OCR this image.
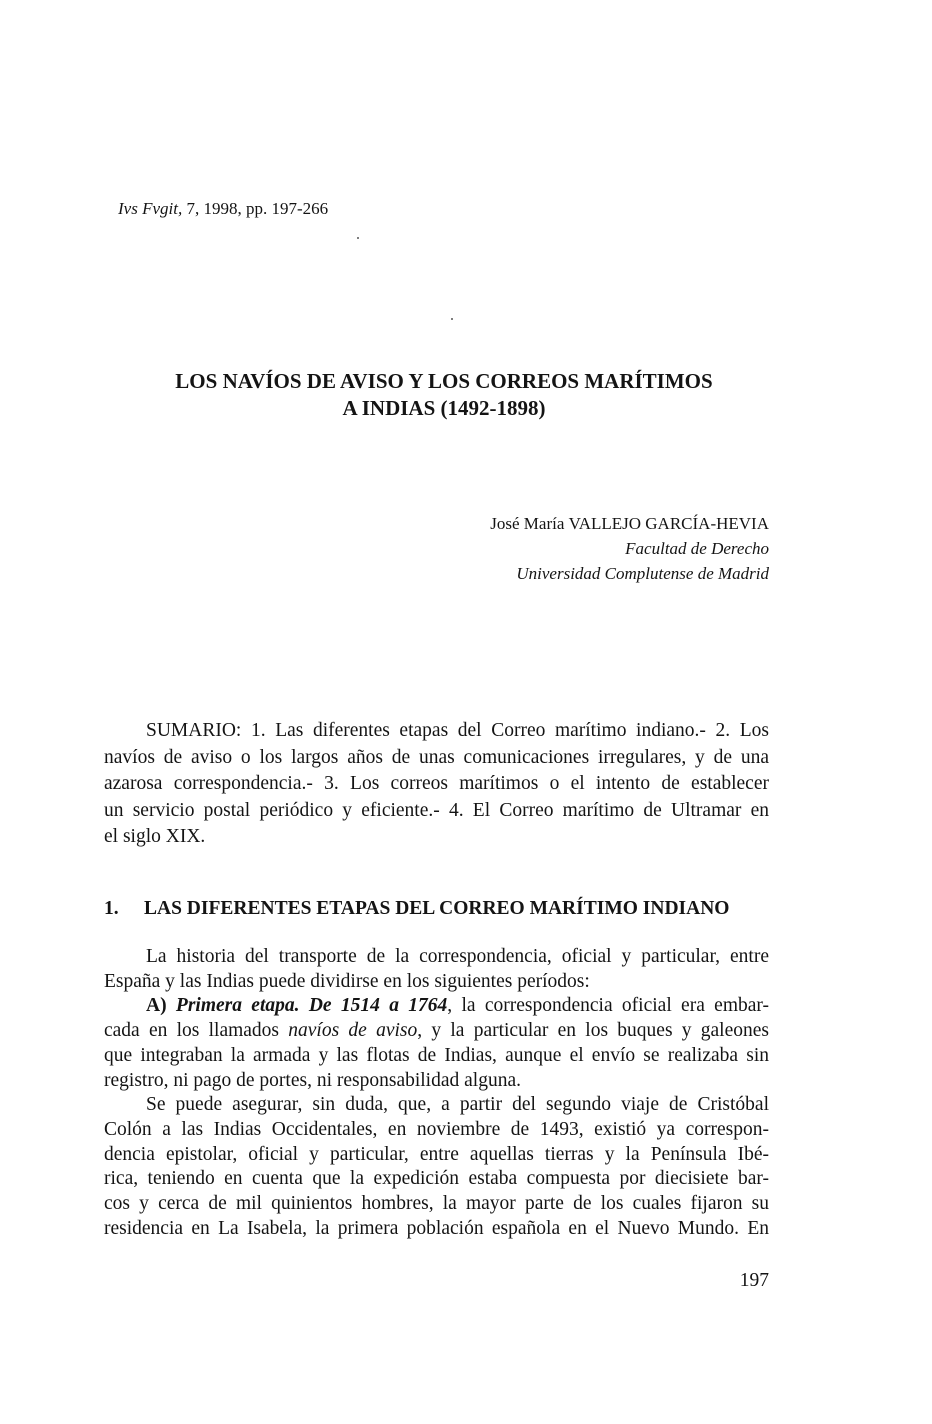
Ivs Fvgit, 7, 1998, pp. 197-266
LOS NAVÍOS DE AVISO Y LOS CORREOS MARÍTIMOS
A INDIAS (1492-1898)
José María VALLEJO GARCÍA-HEVIA
Facultad de Derecho
Universidad Complutense de Madrid
SUMARIO: 1. Las diferentes etapas del Correo marítimo indiano.- 2. Los
navíos de aviso o los largos años de unas comunicaciones irregulares, y de una
azarosa correspondencia.- 3. Los correos marítimos o el intento de establecer
un servicio postal periódico y eficiente.- 4. El Correo marítimo de Ultramar en
el siglo XIX.
1. LAS DIFERENTES ETAPAS DEL CORREO MARÍTIMO INDIANO
La historia del transporte de la correspondencia, oficial y particular, entre
España y las Indias puede dividirse en los siguientes períodos:
A) Primera etapa. De 1514 a 1764, la correspondencia oficial era embar-
cada en los llamados navíos de aviso, y la particular en los buques y galeones
que integraban la armada y las flotas de Indias, aunque el envío se realizaba sin
registro, ni pago de portes, ni responsabilidad alguna.
Se puede asegurar, sin duda, que, a partir del segundo viaje de Cristóbal
Colón a las Indias Occidentales, en noviembre de 1493, existió ya correspon-
dencia epistolar, oficial y particular, entre aquellas tierras y la Península Ibé-
rica, teniendo en cuenta que la expedición estaba compuesta por diecisiete bar-
cos y cerca de mil quinientos hombres, la mayor parte de los cuales fijaron su
residencia en La Isabela, la primera población española en el Nuevo Mundo. En
197
